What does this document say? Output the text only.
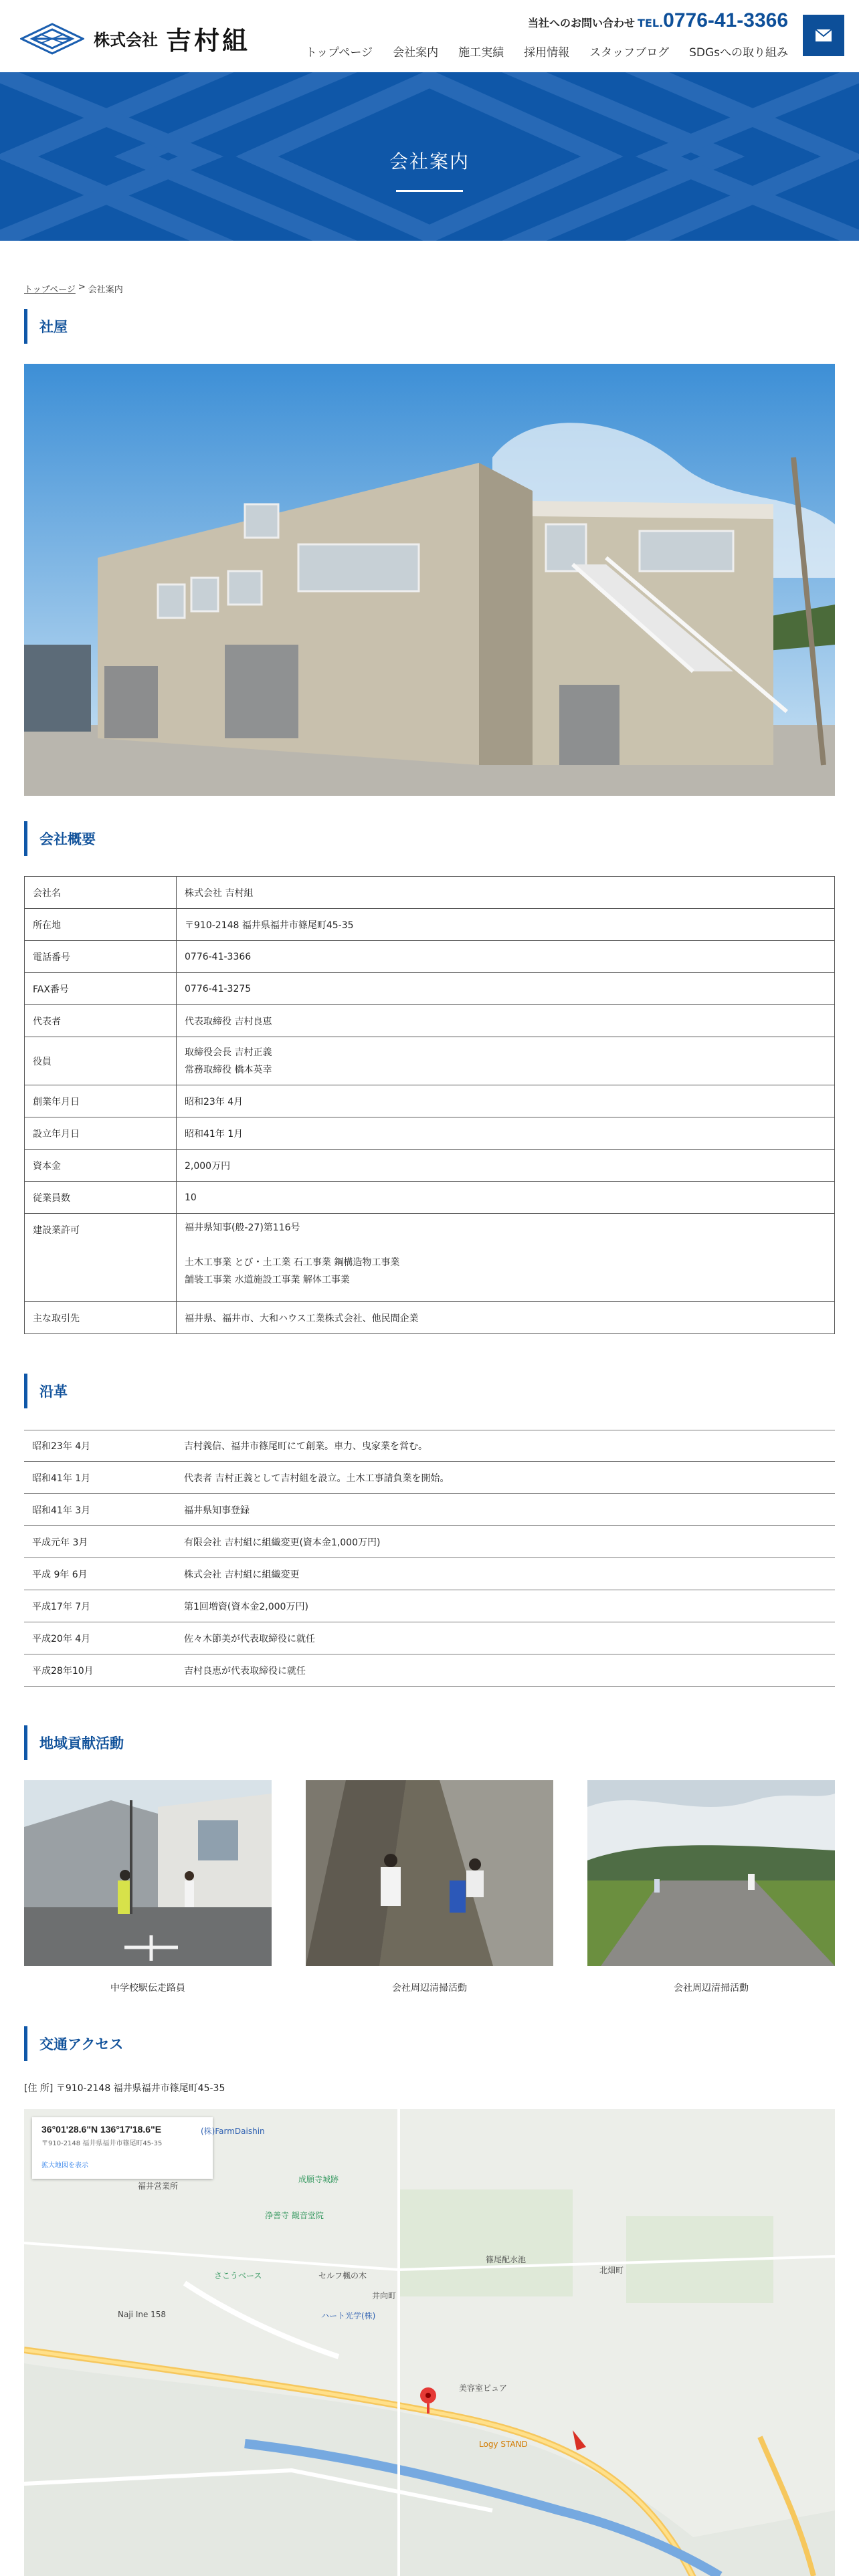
株式会社 吉村組
当社へのお問い合わせ TEL. 0776-41-3366
トップページ 会社案内 施工実績 採用情報 スタッフブログ SDGsへの取り組み
会社案内
トップページ > 会社案内
社屋
会社概要
会社名	株式会社 吉村組
所在地	〒910-2148 福井県福井市篠尾町45-35
電話番号	0776-41-3366
FAX番号	0776-41-3275
代表者	代表取締役 吉村良恵
役員	取締役会長 吉村正義
常務取締役 橋本英幸

創業年月日	昭和23年 4月
設立年月日	昭和41年 1月
資本金	2,000万円
従業員数	10
建設業許可	福井県知事(般-27)第116号
土木工事業 とび・土工業 石工事業 鋼構造物工事業
舗装工事業 水道施設工事業 解体工事業

主な取引先	福井県、福井市、大和ハウス工業株式会社、他民間企業
沿革
昭和23年 4月	吉村義信、福井市篠尾町にて創業。車力、曳家業を営む。
昭和41年 1月	代表者 吉村正義として吉村組を設立。土木工事請負業を開始。
昭和41年 3月	福井県知事登録
平成元年 3月	有限会社 吉村組に組織変更(資本金1,000万円)
平成 9年 6月	株式会社 吉村組に組織変更
平成17年 7月	第1回増資(資本金2,000万円)
平成20年 4月	佐々木節美が代表取締役に就任
平成28年10月	吉村良恵が代表取締役に就任
地域貢献活動
中学校駅伝走路員	会社周辺清掃活動	会社周辺清掃活動
交通アクセス
[住 所] 〒910-2148 福井県福井市篠尾町45-35
36°01'28.6"N 136°17'18.6"E
〒910-2148 福井県福井市篠尾町45-35
拡大地図を表示
(株)FarmDaishin
成願寺城跡
浄善寺 観音堂院
さこうベース	セルフ楓の木
篠尾配水池
ハート光学(株)
福井営業所
井向町
北畑町
美容室ピュア
Logy STAND
Naji Ine 158
